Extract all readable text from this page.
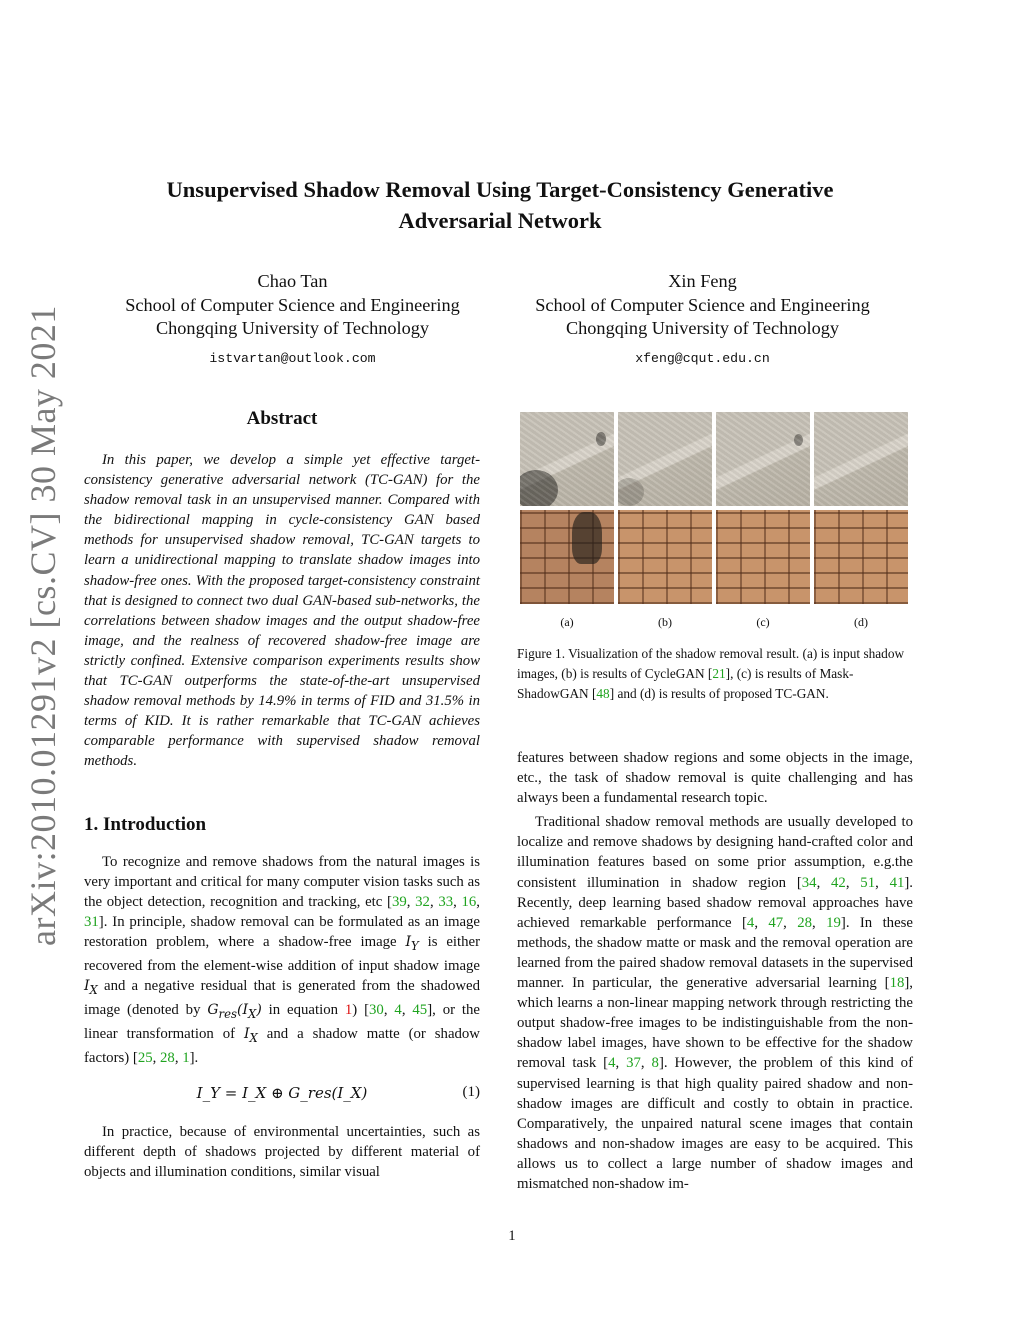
arXiv:2010.01291v2 [cs.CV] 30 May 2021
Unsupervised Shadow Removal Using Target-Consistency Generative
Adversarial Network
Chao Tan
School of Computer Science and Engineering
Chongqing University of Technology
istvartan@outlook.com
Xin Feng
School of Computer Science and Engineering
Chongqing University of Technology
xfeng@cqut.edu.cn
Abstract

In this paper, we develop a simple yet effective target-consistency generative adversarial network (TC-GAN) for the shadow removal task in an unsupervised manner. Compared with the bidirectional mapping in cycle-consistency GAN based methods for unsupervised shadow removal, TC-GAN targets to learn a unidirectional mapping to translate shadow images into shadow-free ones. With the proposed target-consistency constraint that is designed to connect two dual GAN-based sub-networks, the correlations between shadow images and the output shadow-free image, and the realness of recovered shadow-free image are strictly confined. Extensive comparison experiments results show that TC-GAN outperforms the state-of-the-art unsupervised shadow removal methods by 14.9% in terms of FID and 31.5% in terms of KID. It is rather remarkable that TC-GAN achieves comparable performance with supervised shadow removal methods.

1. Introduction

To recognize and remove shadows from the natural images is very important and critical for many computer vision tasks such as the object detection, recognition and tracking, etc [39, 32, 33, 16, 31]. In principle, shadow removal can be formulated as an image restoration problem, where a shadow-free image $I_Y$ is either recovered from the element-wise addition of input shadow image $I_X$ and a negative residual that is generated from the shadowed image (denoted by $G_{res}(I_X)$ in equation 1) [30, 4, 45], or the linear transformation of $I_X$ and a shadow matte (or shadow factors) [25, 28, 1].

I_Y = I_X ⊕ G_res(I_X)	(1)

In practice, because of environmental uncertainties, such as different depth of shadows projected by different material of objects and illumination conditions, similar visual

(a)	(b)	(c)	(d)

Figure 1. Visualization of the shadow removal result. (a) is input shadow images, (b) is results of CycleGAN [21], (c) is results of Mask-ShadowGAN [48] and (d) is results of proposed TC-GAN.

features between shadow regions and some objects in the image, etc., the task of shadow removal is quite challenging and has always been a fundamental research topic.

Traditional shadow removal methods are usually developed to localize and remove shadows by designing hand-crafted color and illumination features based on some prior assumption, e.g.the consistent illumination in shadow region [34, 42, 51, 41]. Recently, deep learning based shadow removal approaches have achieved remarkable performance [4, 47, 28, 19]. In these methods, the shadow matte or mask and the removal operation are learned from the paired shadow removal datasets in the supervised manner. In particular, the generative adversarial learning [18], which learns a non-linear mapping network through restricting the output shadow-free images to be indistinguishable from the non-shadow label images, have shown to be effective for the shadow removal task [4, 37, 8]. However, the problem of this kind of supervised learning is that high quality paired shadow and non-shadow images are difficult and costly to obtain in practice. Comparatively, the unpaired natural scene images that contain shadows and non-shadow images are easy to be acquired. This allows us to collect a large number of shadow images and mismatched non-shadow im-

1
